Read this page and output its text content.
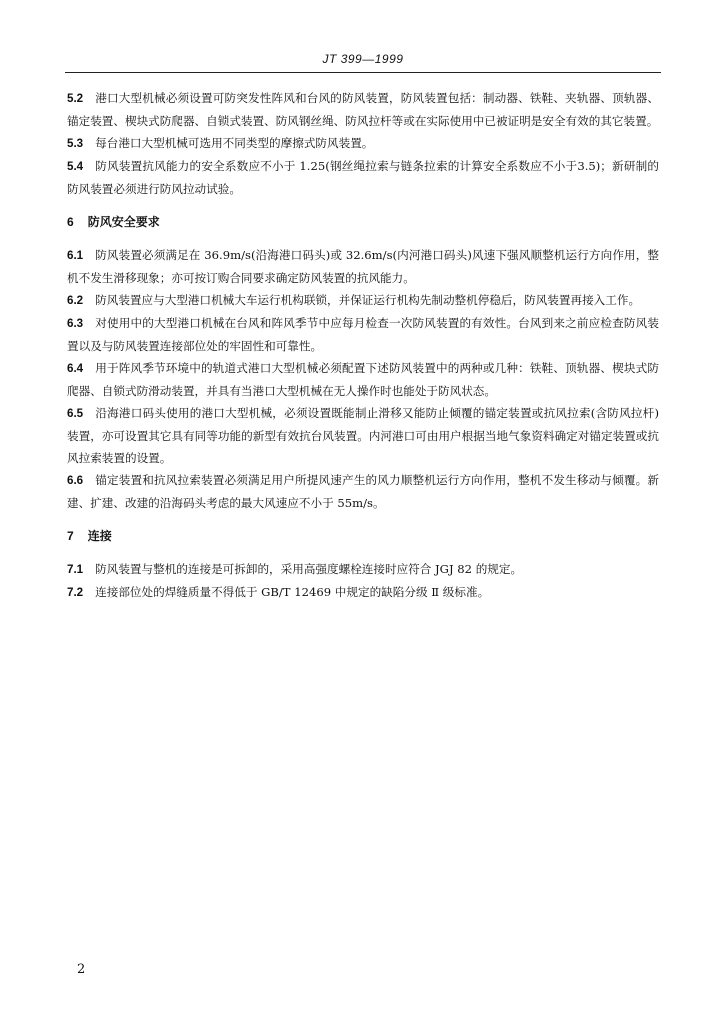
JT 399—1999

5.2 港口大型机械必须设置可防突发性阵风和台风的防风装置，防风装置包括：制动器、铁鞋、夹轨器、顶轨器、锚定装置、楔块式防爬器、自锁式装置、防风钢丝绳、防风拉杆等或在实际使用中已被证明是安全有效的其它装置。

5.3 每台港口大型机械可选用不同类型的摩擦式防风装置。

5.4 防风装置抗风能力的安全系数应不小于 1.25(钢丝绳拉索与链条拉索的计算安全系数应不小于3.5)；新研制的防风装置必须进行防风拉动试验。

6 防风安全要求

6.1 防风装置必须满足在 36.9m/s(沿海港口码头)或 32.6m/s(内河港口码头)风速下强风顺整机运行方向作用，整机不发生滑移现象；亦可按订购合同要求确定防风装置的抗风能力。

6.2 防风装置应与大型港口机械大车运行机构联锁，并保证运行机构先制动整机停稳后，防风装置再接入工作。

6.3 对使用中的大型港口机械在台风和阵风季节中应每月检查一次防风装置的有效性。台风到来之前应检查防风装置以及与防风装置连接部位处的牢固性和可靠性。

6.4 用于阵风季节环境中的轨道式港口大型机械必须配置下述防风装置中的两种或几种：铁鞋、顶轨器、楔块式防爬器、自锁式防滑动装置，并具有当港口大型机械在无人操作时也能处于防风状态。

6.5 沿海港口码头使用的港口大型机械，必须设置既能制止滑移又能防止倾覆的锚定装置或抗风拉索(含防风拉杆)装置，亦可设置其它具有同等功能的新型有效抗台风装置。内河港口可由用户根据当地气象资料确定对锚定装置或抗风拉索装置的设置。

6.6 锚定装置和抗风拉索装置必须满足用户所提风速产生的风力顺整机运行方向作用，整机不发生移动与倾覆。新建、扩建、改建的沿海码头考虑的最大风速应不小于 55m/s。

7 连接

7.1 防风装置与整机的连接是可拆卸的，采用高强度螺栓连接时应符合 JGJ 82 的规定。

7.2 连接部位处的焊缝质量不得低于 GB/T 12469 中规定的缺陷分级 Ⅱ 级标准。

2
